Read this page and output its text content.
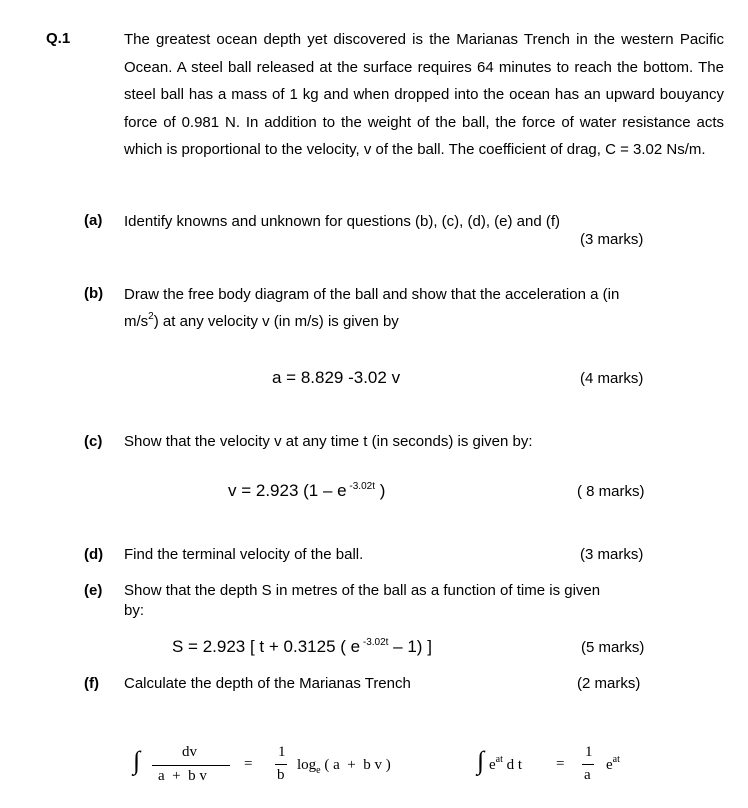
Q.1	The greatest ocean depth yet discovered is the Marianas Trench in the western Pacific Ocean. A steel ball released at the surface requires 64 minutes to reach the bottom. The steel ball has a mass of 1 kg and when dropped into the ocean has an upward bouyancy force of 0.981 N. In addition to the weight of the ball, the force of water resistance acts which is proportional to the velocity, v of the ball. The coefficient of drag, C = 3.02 Ns/m.
(a) Identify knowns and unknown for questions (b), (c), (d), (e) and (f)
(3 marks)
(b) Draw the free body diagram of the ball and show that the acceleration a (in
$m/s^2$) at any velocity v (in m/s) is given by
a = 8.829 -3.02 v	(4 marks)
(c) Show that the velocity v at any time t (in seconds) is given by:
v = 2.923 (1 – e $^{-3.02t}$ )	( 8 marks)
(d) Find the terminal velocity of the ball.	(3 marks)
(e) Show that the depth S in metres of the ball as a function of time is given
by:
S = 2.923 [ t + 0.3125 ( e $^{-3.02t}$ – 1) ]	(5 marks)
(f) Calculate the depth of the Marianas Trench	(2 marks)
∫	dv
a  +  b v
=
1
b
$\log_e$ ( a  +  b v )	∫ $e^{at}$ d t =
1
a
$e^{at}$
